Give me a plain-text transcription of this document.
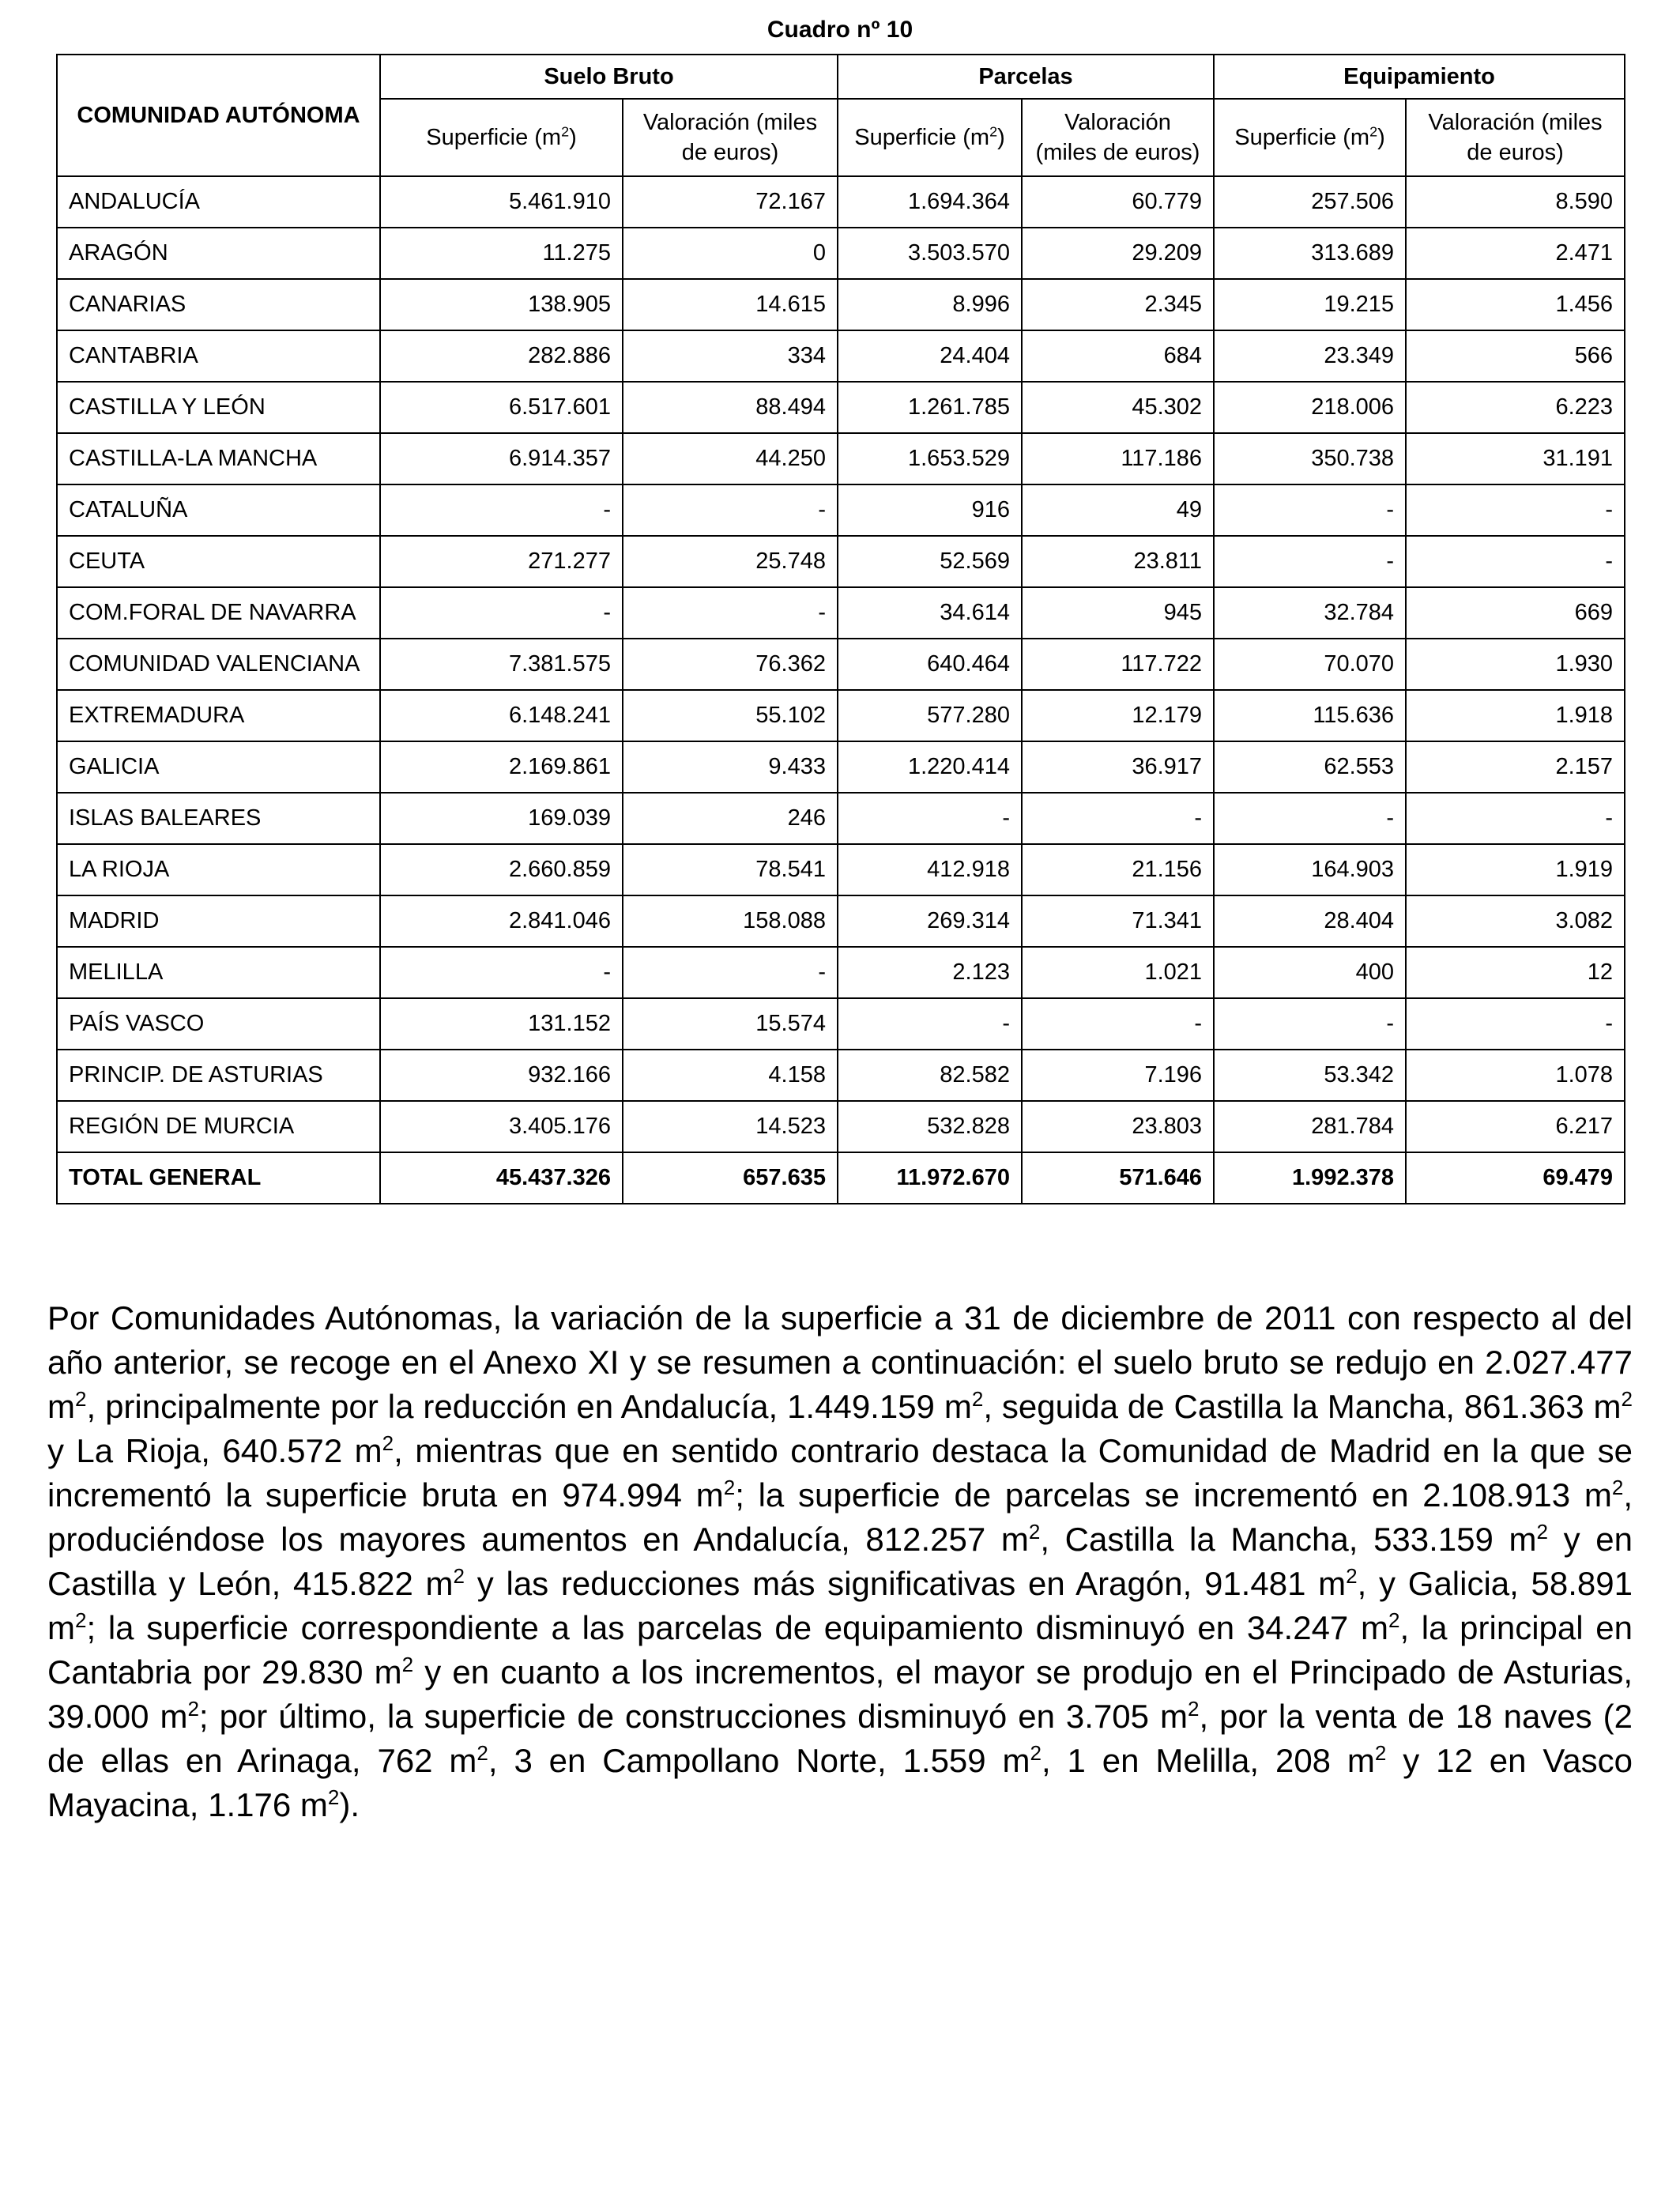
Cuadro nº 10
COMUNIDAD AUTÓNOMA	Suelo Bruto		Parcelas		Equipamiento	
	Superficie $(m^2)$	Valoración (miles de euros)	Superficie $(m^2)$	Valoración (miles de euros)	Superficie $(m^2)$	Valoración (miles de euros)
ANDALUCÍA	5.461.910	72.167	1.694.364	60.779	257.506	8.590
ARAGÓN	11.275	0	3.503.570	29.209	313.689	2.471
CANARIAS	138.905	14.615	8.996	2.345	19.215	1.456
CANTABRIA	282.886	334	24.404	684	23.349	566
CASTILLA Y LEÓN	6.517.601	88.494	1.261.785	45.302	218.006	6.223
CASTILLA-LA MANCHA	6.914.357	44.250	1.653.529	117.186	350.738	31.191
CATALUÑA	-	-	916	49	-	-
CEUTA	271.277	25.748	52.569	23.811	-	-
COM.FORAL DE NAVARRA	-	-	34.614	945	32.784	669
COMUNIDAD VALENCIANA	7.381.575	76.362	640.464	117.722	70.070	1.930
EXTREMADURA	6.148.241	55.102	577.280	12.179	115.636	1.918
GALICIA	2.169.861	9.433	1.220.414	36.917	62.553	2.157
ISLAS BALEARES	169.039	246	-	-	-	-
LA RIOJA	2.660.859	78.541	412.918	21.156	164.903	1.919
MADRID	2.841.046	158.088	269.314	71.341	28.404	3.082
MELILLA	-	-	2.123	1.021	400	12
PAÍS VASCO	131.152	15.574	-	-	-	-
PRINCIP. DE ASTURIAS	932.166	4.158	82.582	7.196	53.342	1.078
REGIÓN DE MURCIA	3.405.176	14.523	532.828	23.803	281.784	6.217
TOTAL GENERAL	45.437.326	657.635	11.972.670	571.646	1.992.378	69.479
Por Comunidades Autónomas, la variación de la superficie a 31 de diciembre de 2011 con respecto al del año anterior, se recoge en el Anexo XI y se resumen a continuación: el suelo bruto se redujo en 2.027.477 $m^2$, principalmente por la reducción en Andalucía, 1.449.159 $m^2$, seguida de Castilla la Mancha, 861.363 $m^2$ y La Rioja, 640.572 $m^2$, mientras que en sentido contrario destaca la Comunidad de Madrid en la que se incrementó la superficie bruta en 974.994 $m^2$; la superficie de parcelas se incrementó en 2.108.913 $m^2$, produciéndose los mayores aumentos en Andalucía, 812.257 $m^2$, Castilla la Mancha, 533.159 $m^2$ y en Castilla y León, 415.822 $m^2$ y las reducciones más significativas en Aragón, 91.481 $m^2$, y Galicia, 58.891 $m^2$; la superficie correspondiente a las parcelas de equipamiento disminuyó en 34.247 $m^2$, la principal en Cantabria por 29.830 $m^2$ y en cuanto a los incrementos, el mayor se produjo en el Principado de Asturias, 39.000 $m^2$; por último, la superficie de construcciones disminuyó en 3.705 $m^2$, por la venta de 18 naves (2 de ellas en Arinaga, 762 $m^2$, 3 en Campollano Norte, 1.559 $m^2$, 1 en Melilla, 208 $m^2$ y 12 en Vasco Mayacina, 1.176 $m^2$).
